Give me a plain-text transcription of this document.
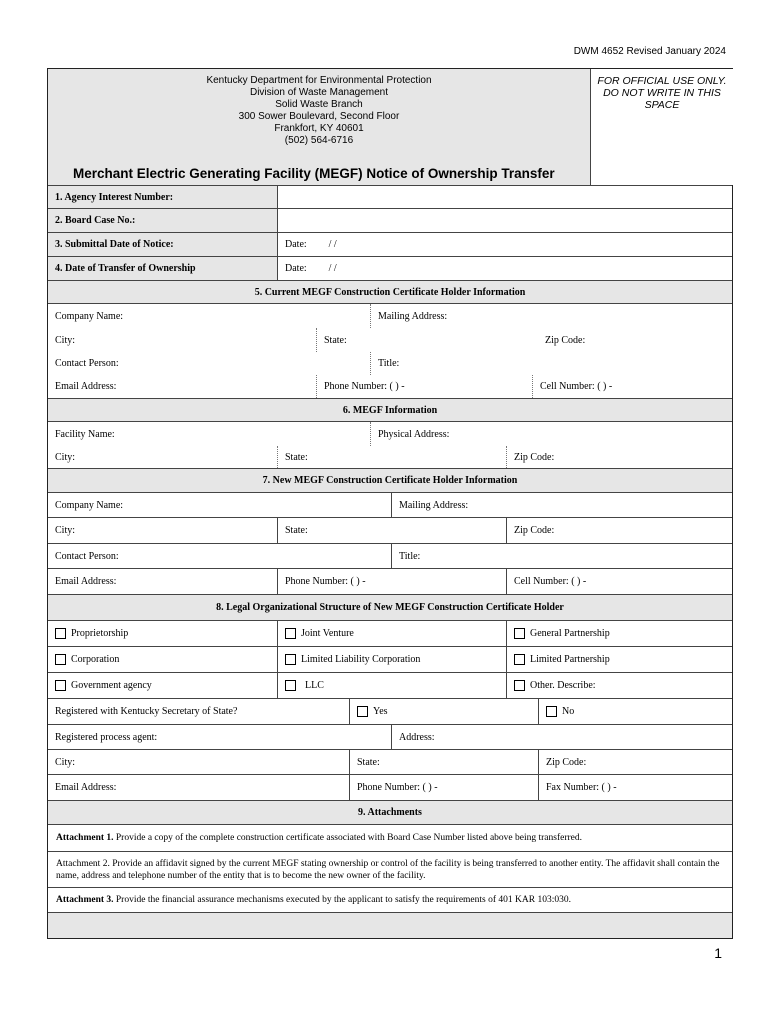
DWM 4652 Revised January 2024
Kentucky Department for Environmental Protection
Division of Waste Management
Solid Waste Branch
300 Sower Boulevard, Second Floor
Frankfort, KY 40601
(502) 564-6716
Merchant Electric Generating Facility (MEGF) Notice of Ownership Transfer
FOR OFFICIAL USE ONLY. DO NOT WRITE IN THIS SPACE
1. Agency Interest Number:
2. Board Case No.:
3. Submittal Date of Notice:	Date: / /
4. Date of Transfer of Ownership	Date: / /
5. Current MEGF Construction Certificate Holder Information
Company Name:	Mailing Address:
City:	State:	Zip Code:
Contact Person:	Title:
Email Address:	Phone Number: ( ) -	Cell Number: ( ) -
6. MEGF Information
Facility Name:	Physical Address:
City:	State:	Zip Code:
7. New MEGF Construction Certificate Holder Information
Company Name:	Mailing Address:
City:	State:	Zip Code:
Contact Person:	Title:
Email Address:	Phone Number: ( ) -	Cell Number: ( ) -
8. Legal Organizational Structure of New MEGF Construction Certificate Holder
Proprietorship	Joint Venture	General Partnership
Corporation	Limited Liability Corporation	Limited Partnership
Government agency	LLC	Other. Describe:
Registered with Kentucky Secretary of State?	Yes	No
Registered process agent:	Address:
City:	State:	Zip Code:
Email Address:	Phone Number: ( ) -	Fax Number: ( ) -
9. Attachments
Attachment 1. Provide a copy of the complete construction certificate associated with Board Case Number listed above being transferred.
Attachment 2. Provide an affidavit signed by the current MEGF stating ownership or control of the facility is being transferred to another entity. The affidavit shall contain the name, address and telephone number of the entity that is to become the new owner of the facility.
Attachment 3. Provide the financial assurance mechanisms executed by the applicant to satisfy the requirements of 401 KAR 103:030.
1
